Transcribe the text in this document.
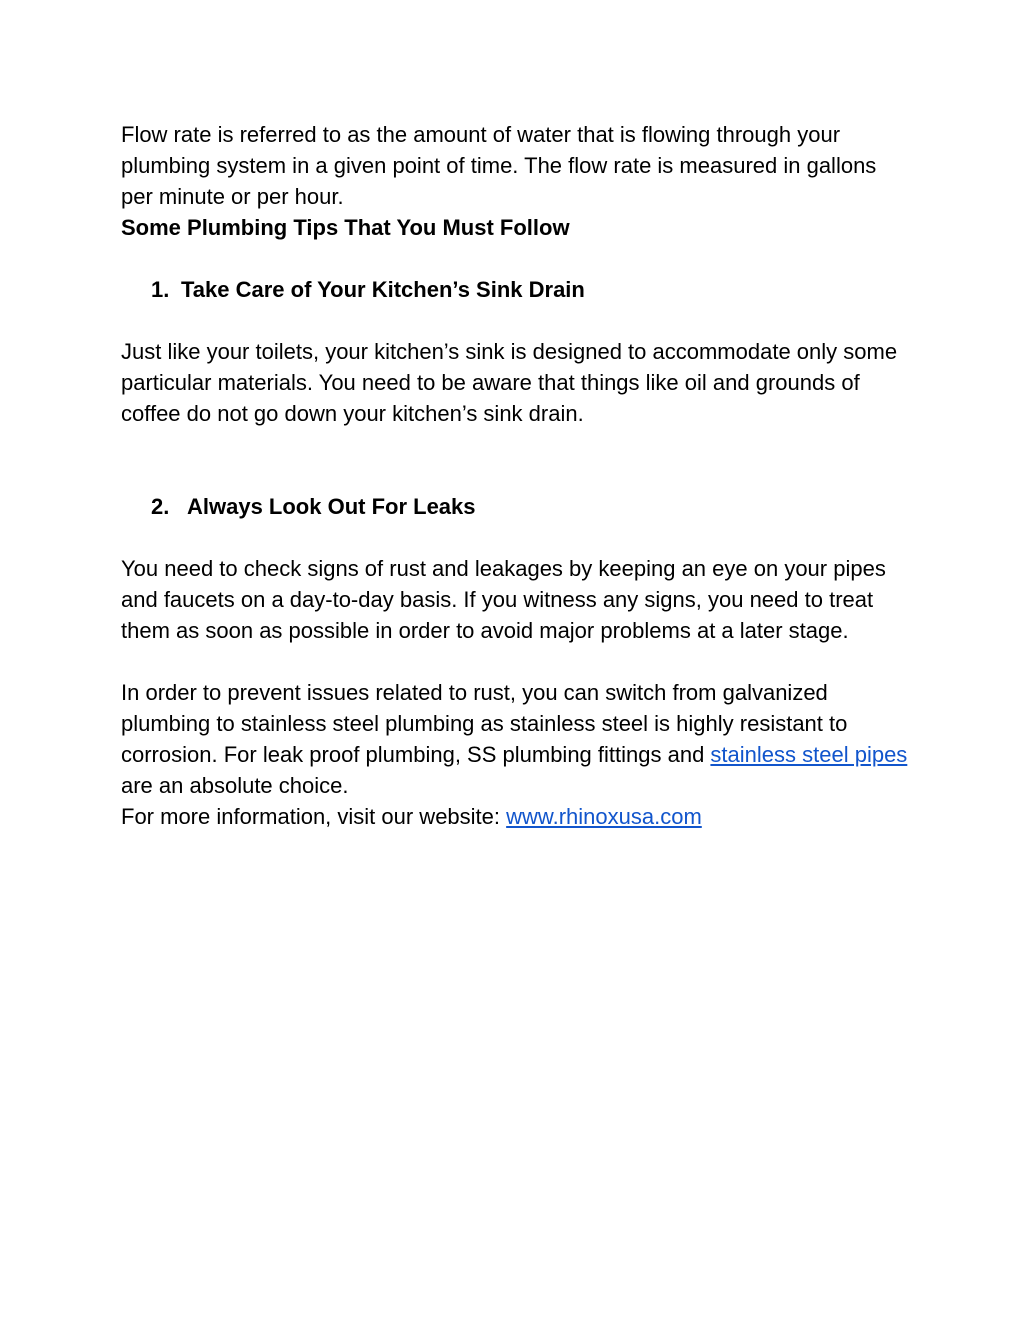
Flow rate is referred to as the amount of water that is flowing through your plumbing system in a given point of time. The flow rate is measured in gallons per minute or per hour.

Some Plumbing Tips That You Must Follow

1. Take Care of Your Kitchen’s Sink Drain

Just like your toilets, your kitchen’s sink is designed to accommodate only some particular materials. You need to be aware that things like oil and grounds of coffee do not go down your kitchen’s sink drain.

2. Always Look Out For Leaks

You need to check signs of rust and leakages by keeping an eye on your pipes and faucets on a day-to-day basis. If you witness any signs, you need to treat them as soon as possible in order to avoid major problems at a later stage.

In order to prevent issues related to rust, you can switch from galvanized plumbing to stainless steel plumbing as stainless steel is highly resistant to corrosion. For leak proof plumbing, SS plumbing fittings and stainless steel pipes are an absolute choice.

For more information, visit our website: www.rhinoxusa.com
